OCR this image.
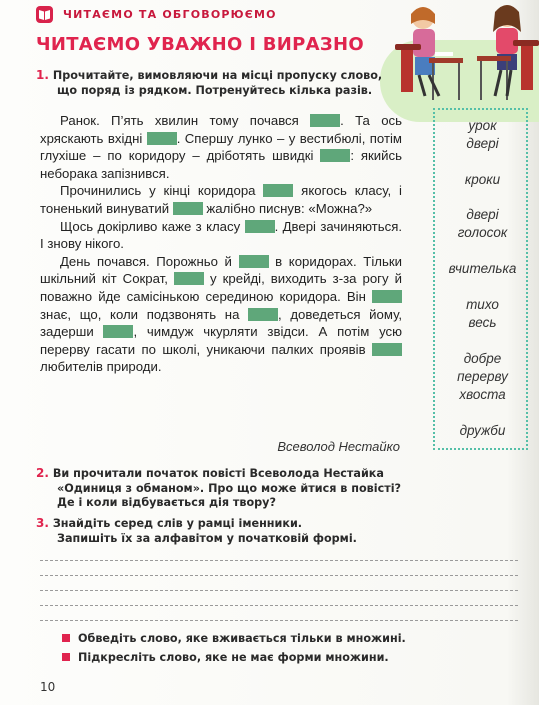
ЧИТАЄМО ТА ОБГОВОРЮЄМО
ЧИТАЄМО УВАЖНО І ВИРАЗНО
1. Прочитайте, вимовляючи на місці пропуску слово,
що поряд із рядком. Потренуйтесь кілька разів.

Ранок. П’ять хвилин тому почався . Та ось хряскають вхідні . Спершу лунко – у вестибюлі, потім глухіше – по коридору – дріботять швидкі : якийсь неборака запізнився.

Прочинились у кінці коридора  якогось класу, і тоненький винуватий  жалібно писнув: «Можна?»

Щось докірливо каже з класу . Двері зачиняються. І знову нікого.

День почався. Порожньо й  в коридорах. Тільки шкільний кіт Сократ,  у крейді, виходить з-за рогу й поважно йде самісінькою серединою коридора. Він  знає, що, коли подзвонять на , доведеться йому, задерши , чимдуж чкурляти звідси. А потім усю перерву гасати по школі, уникаючи палких проявів  любителів природи.

Всеволод Нестайко
урок
двері
кроки
двері
голосок
вчителька
тихо
весь
добре
перерву
хвоста
дружби
2. Ви прочитали початок повісті Всеволода Нестайка
«Одиниця з обманом». Про що може йтися в повісті?
Де і коли відбувається дія твору?
3. Знайдіть серед слів у рамці іменники.
Запишіть їх за алфавітом у початковій формі.
Обведіть слово, яке вживається тільки в множині.
Підкресліть слово, яке не має форми множини.
10
